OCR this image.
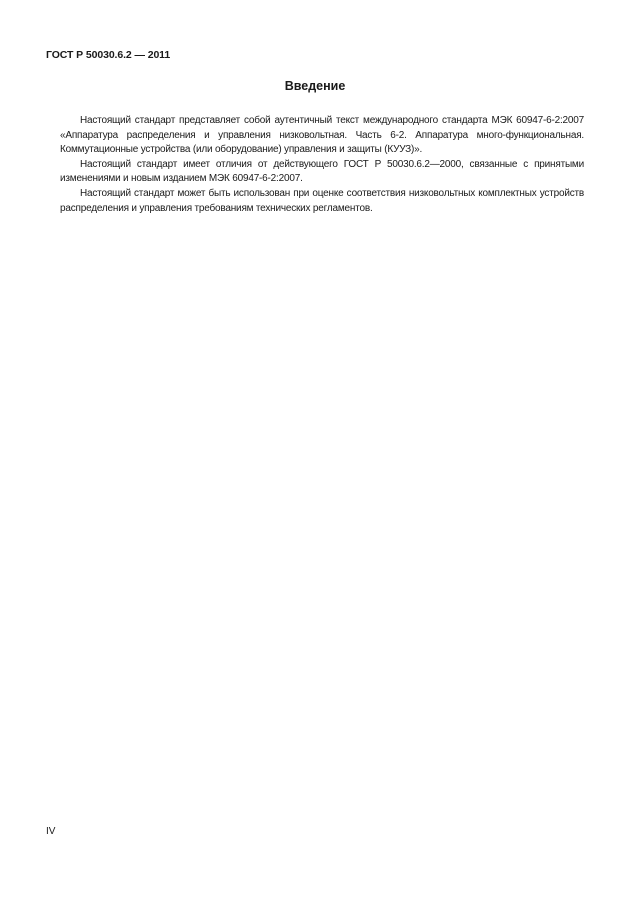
ГОСТ Р 50030.6.2 — 2011
Введение

Настоящий стандарт представляет собой аутентичный текст международного стандарта МЭК 60947-6-2:2007 «Аппаратура распределения и управления низковольтная. Часть 6-2. Аппаратура много-функциональная. Коммутационные устройства (или оборудование) управления и защиты (КУУЗ)».

Настоящий стандарт имеет отличия от действующего ГОСТ Р 50030.6.2—2000, связанные с принятыми изменениями и новым изданием МЭК 60947-6-2:2007.

Настоящий стандарт может быть использован при оценке соответствия низковольтных комплектных устройств распределения и управления требованиям технических регламентов.

IV
